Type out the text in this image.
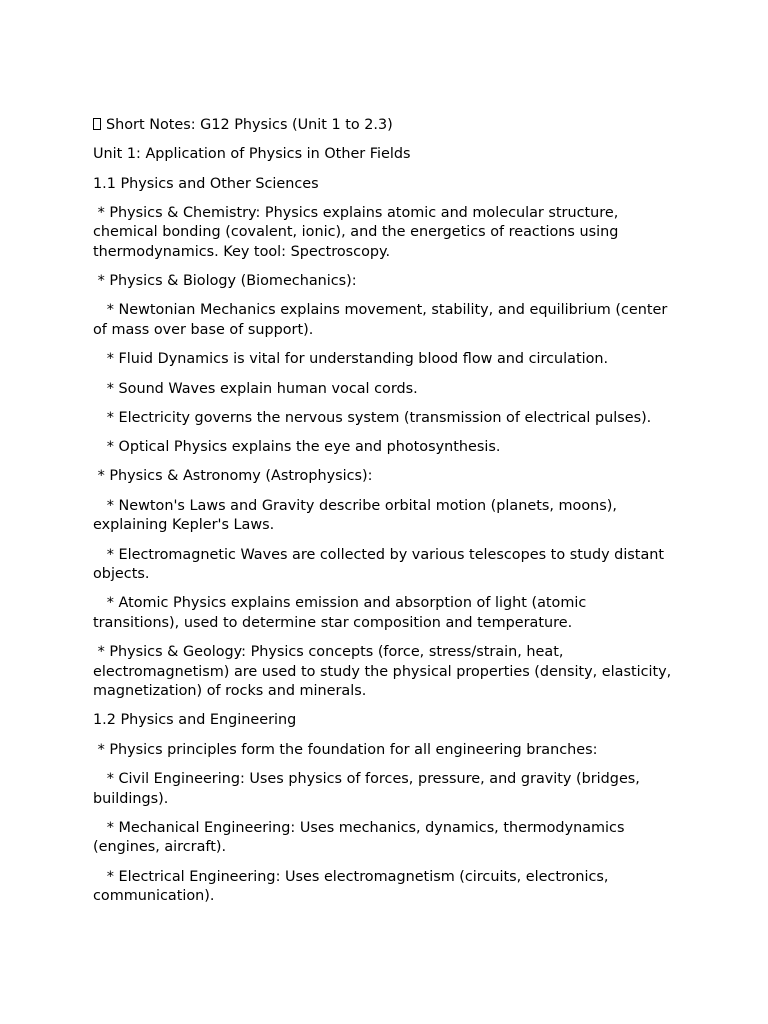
Short Notes: G12 Physics (Unit 1 to 2.3)

Unit 1: Application of Physics in Other Fields

1.1 Physics and Other Sciences

* Physics & Chemistry: Physics explains atomic and molecular structure, chemical bonding (covalent, ionic), and the energetics of reactions using thermodynamics. Key tool: Spectroscopy.

* Physics & Biology (Biomechanics):

* Newtonian Mechanics explains movement, stability, and equilibrium (center of mass over base of support).

* Fluid Dynamics is vital for understanding blood flow and circulation.

* Sound Waves explain human vocal cords.

* Electricity governs the nervous system (transmission of electrical pulses).

* Optical Physics explains the eye and photosynthesis.

* Physics & Astronomy (Astrophysics):

* Newton's Laws and Gravity describe orbital motion (planets, moons), explaining Kepler's Laws.

* Electromagnetic Waves are collected by various telescopes to study distant objects.

* Atomic Physics explains emission and absorption of light (atomic transitions), used to determine star composition and temperature.

* Physics & Geology: Physics concepts (force, stress/strain, heat, electromagnetism) are used to study the physical properties (density, elasticity, magnetization) of rocks and minerals.

1.2 Physics and Engineering

* Physics principles form the foundation for all engineering branches:

* Civil Engineering: Uses physics of forces, pressure, and gravity (bridges, buildings).

* Mechanical Engineering: Uses mechanics, dynamics, thermodynamics (engines, aircraft).

* Electrical Engineering: Uses electromagnetism (circuits, electronics, communication).
